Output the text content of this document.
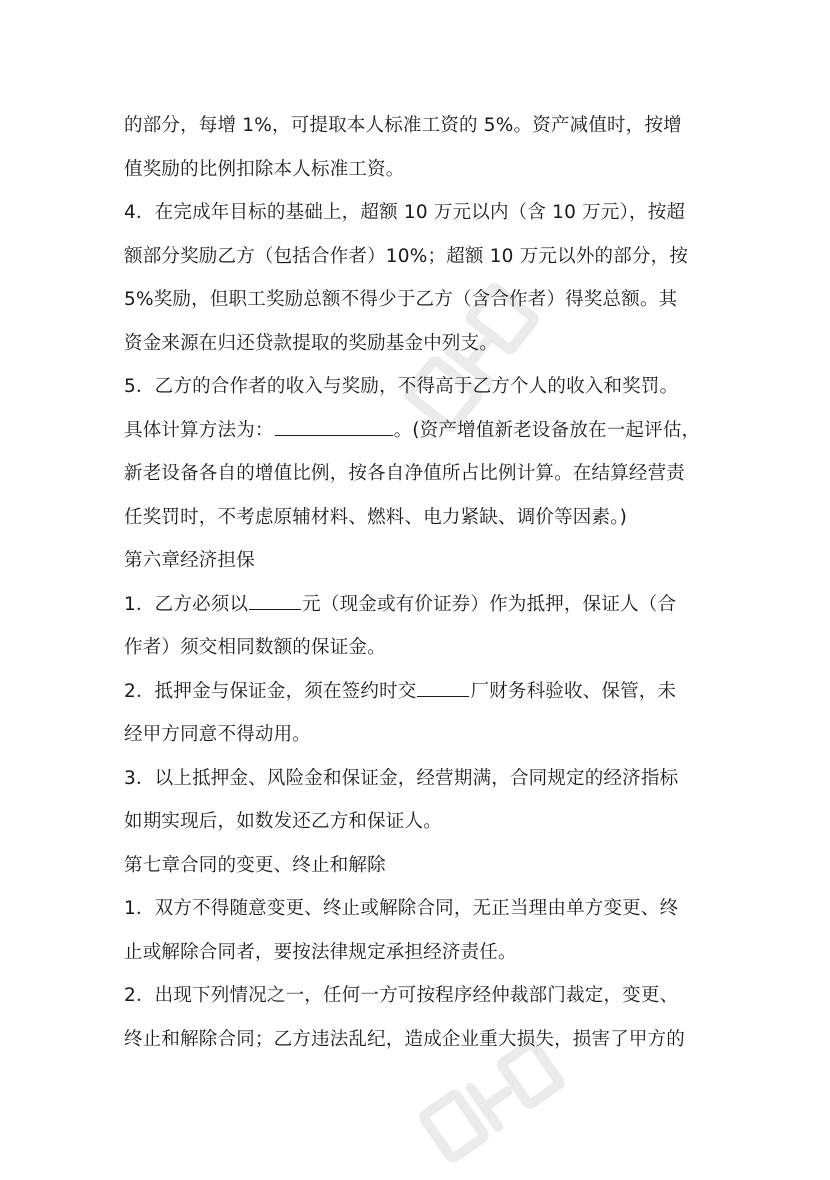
的部分，每增 1%，可提取本人标准工资的 5%。资产减值时，按增
值奖励的比例扣除本人标准工资。
4．在完成年目标的基础上，超额 10 万元以内（含 10 万元），按超
额部分奖励乙方（包括合作者）10%；超额 10 万元以外的部分，按
5%奖励，但职工奖励总额不得少于乙方（含合作者）得奖总额。其
资金来源在归还贷款提取的奖励基金中列支。
5．乙方的合作者的收入与奖励，不得高于乙方个人的收入和奖罚。
具体计算方法为：	。(资产增值新老设备放在一起评估，
新老设备各自的增值比例，按各自净值所占比例计算。在结算经营责
任奖罚时，不考虑原辅材料、燃料、电力紧缺、调价等因素。)
第六章经济担保
1．乙方必须以	元（现金或有价证券）作为抵押，保证人（合
作者）须交相同数额的保证金。
2．抵押金与保证金，须在签约时交	厂财务科验收、保管，未
经甲方同意不得动用。
3．以上抵押金、风险金和保证金，经营期满，合同规定的经济指标
如期实现后，如数发还乙方和保证人。
第七章合同的变更、终止和解除
1．双方不得随意变更、终止或解除合同，无正当理由单方变更、终
止或解除合同者，要按法律规定承担经济责任。
2．出现下列情况之一，任何一方可按程序经仲裁部门裁定，变更、
终止和解除合同；乙方违法乱纪，造成企业重大损失，损害了甲方的
